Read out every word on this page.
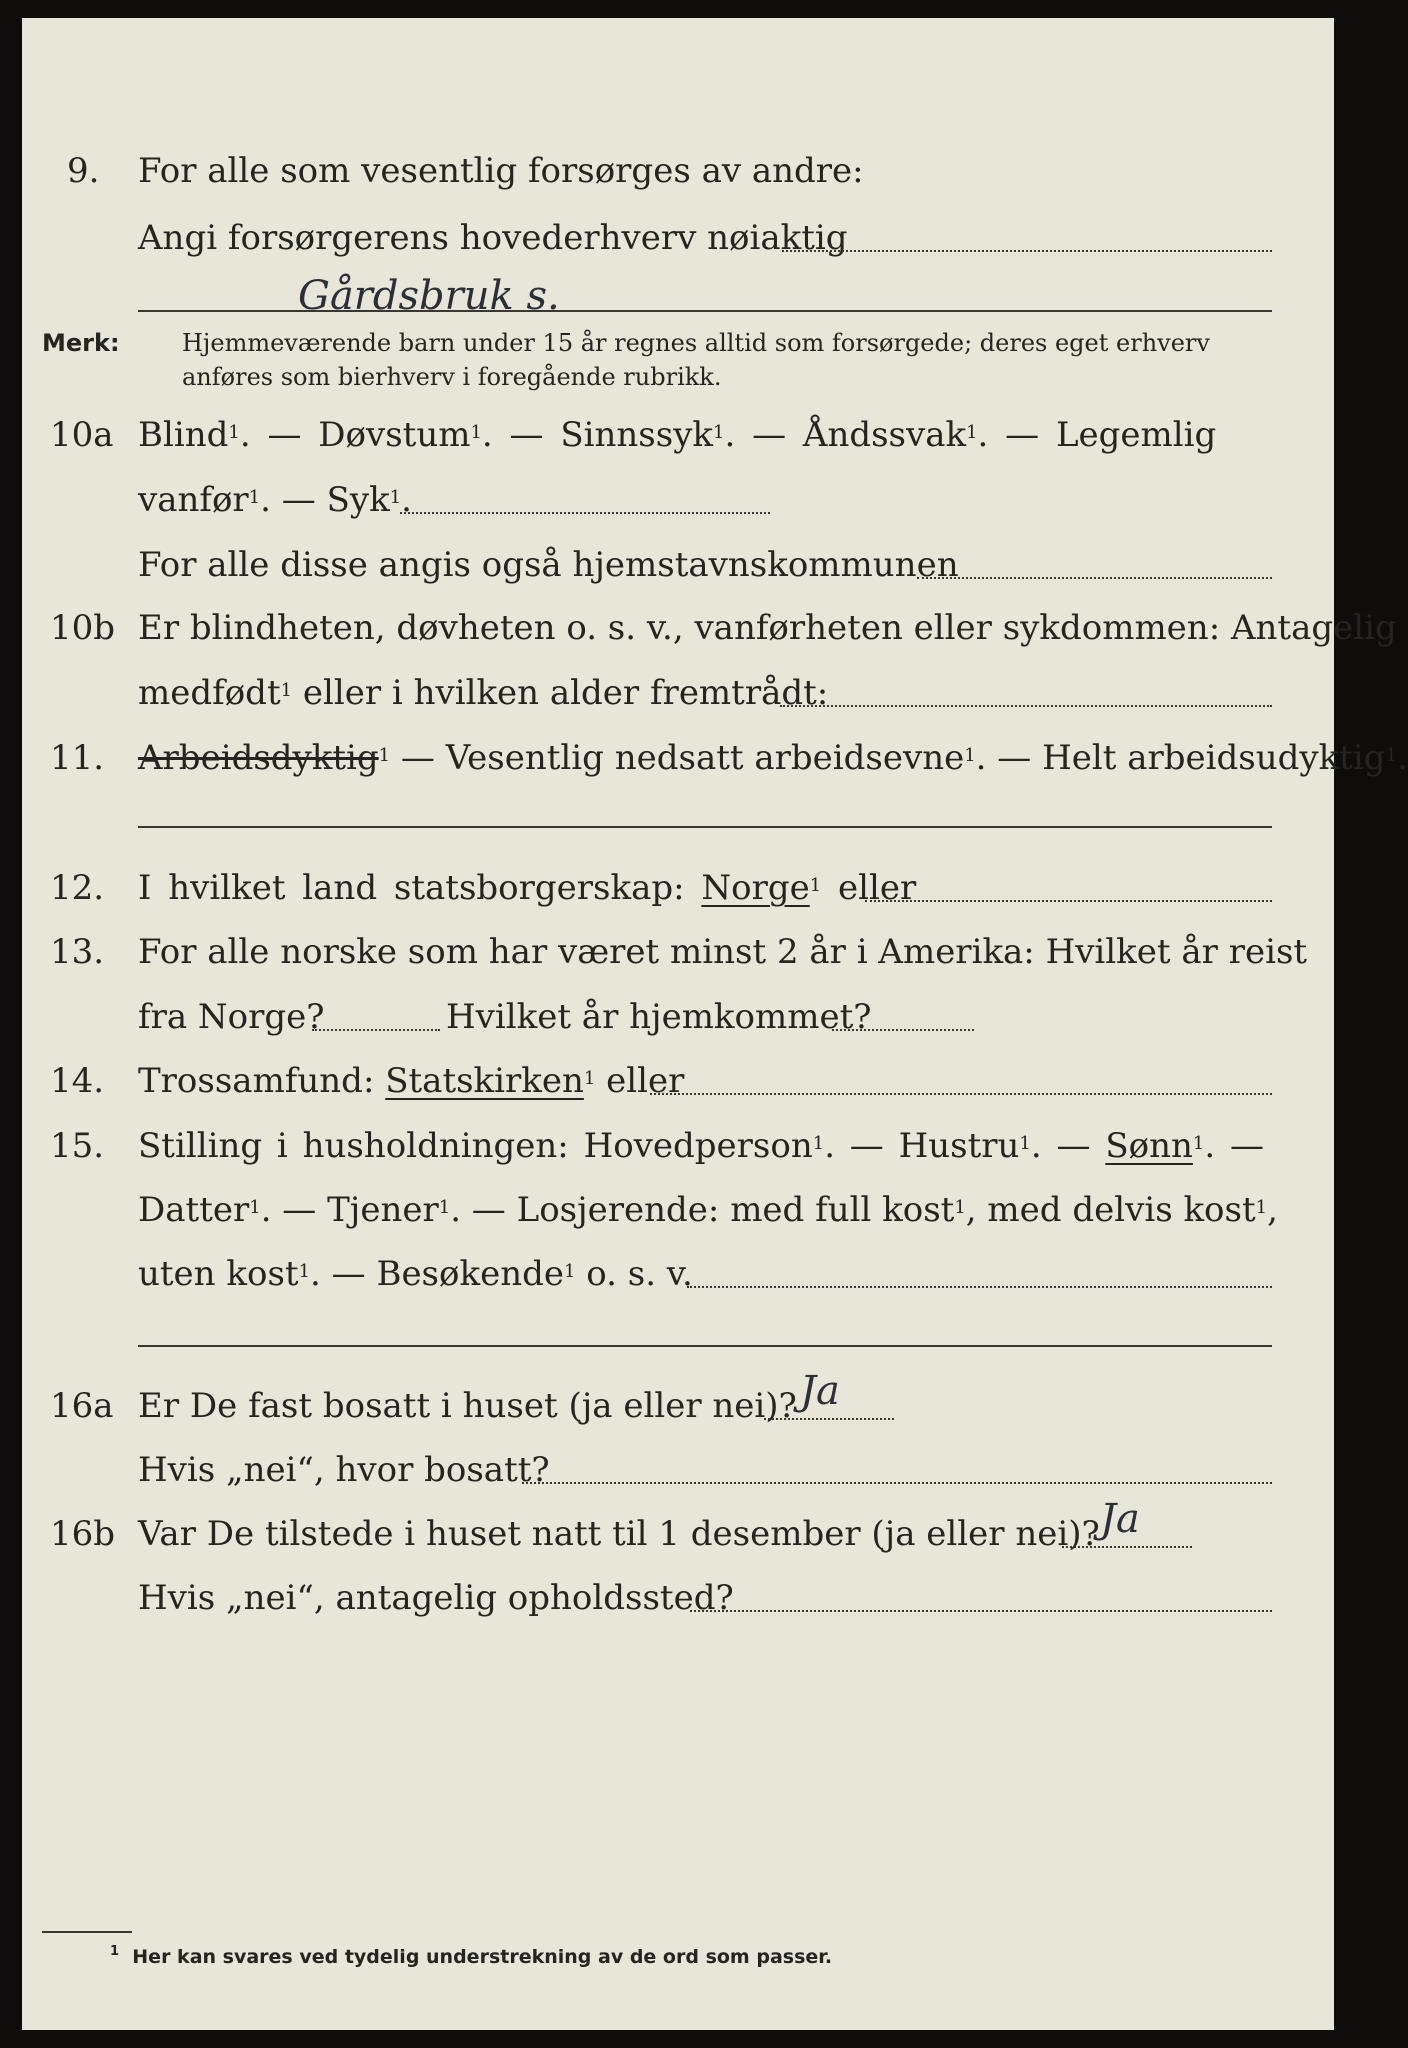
9. For alle som vesentlig forsørges av andre:
Angi forsørgerens hovederhverv nøiaktig
Gårdsbruk s.
Merk:	Hjemmeværende barn under 15 år regnes alltid som forsørgede; deres eget erhverv
anføres som bierhverv i foregående rubrikk.
10a Blind$^1$. — Døvstum$^1$. — Sinnssyk$^1$. — Åndssvak$^1$. — Legemlig
vanfør$^1$. — Syk$^1$.
For alle disse angis også hjemstavnskommunen
10b Er blindheten, døvheten o. s. v., vanførheten eller sykdommen: Antagelig
medfødt$^1$ eller i hvilken alder fremtrådt:
11. Arbeidsdyktig$^1$ — Vesentlig nedsatt arbeidsevne$^1$. — Helt arbeidsudyktig$^1$.
12. I hvilket land statsborgerskap: Norge$^1$ eller
13. For alle norske som har været minst 2 år i Amerika: Hvilket år reist
fra Norge?	Hvilket år hjemkommet?
14. Trossamfund: Statskirken$^1$ eller
15. Stilling i husholdningen: Hovedperson$^1$. — Hustru$^1$. — Sønn$^1$. —
Datter$^1$. — Tjener$^1$. — Losjerende: med full kost$^1$, med delvis kost$^1$,
uten kost$^1$. — Besøkende$^1$ o. s. v.
16a Er De fast bosatt i huset (ja eller nei)? Ja
Hvis „nei“, hvor bosatt?
16b Var De tilstede i huset natt til 1 desember (ja eller nei)? Ja
Hvis „nei“, antagelig opholdssted?
$^1$ Her kan svares ved tydelig understrekning av de ord som passer.
